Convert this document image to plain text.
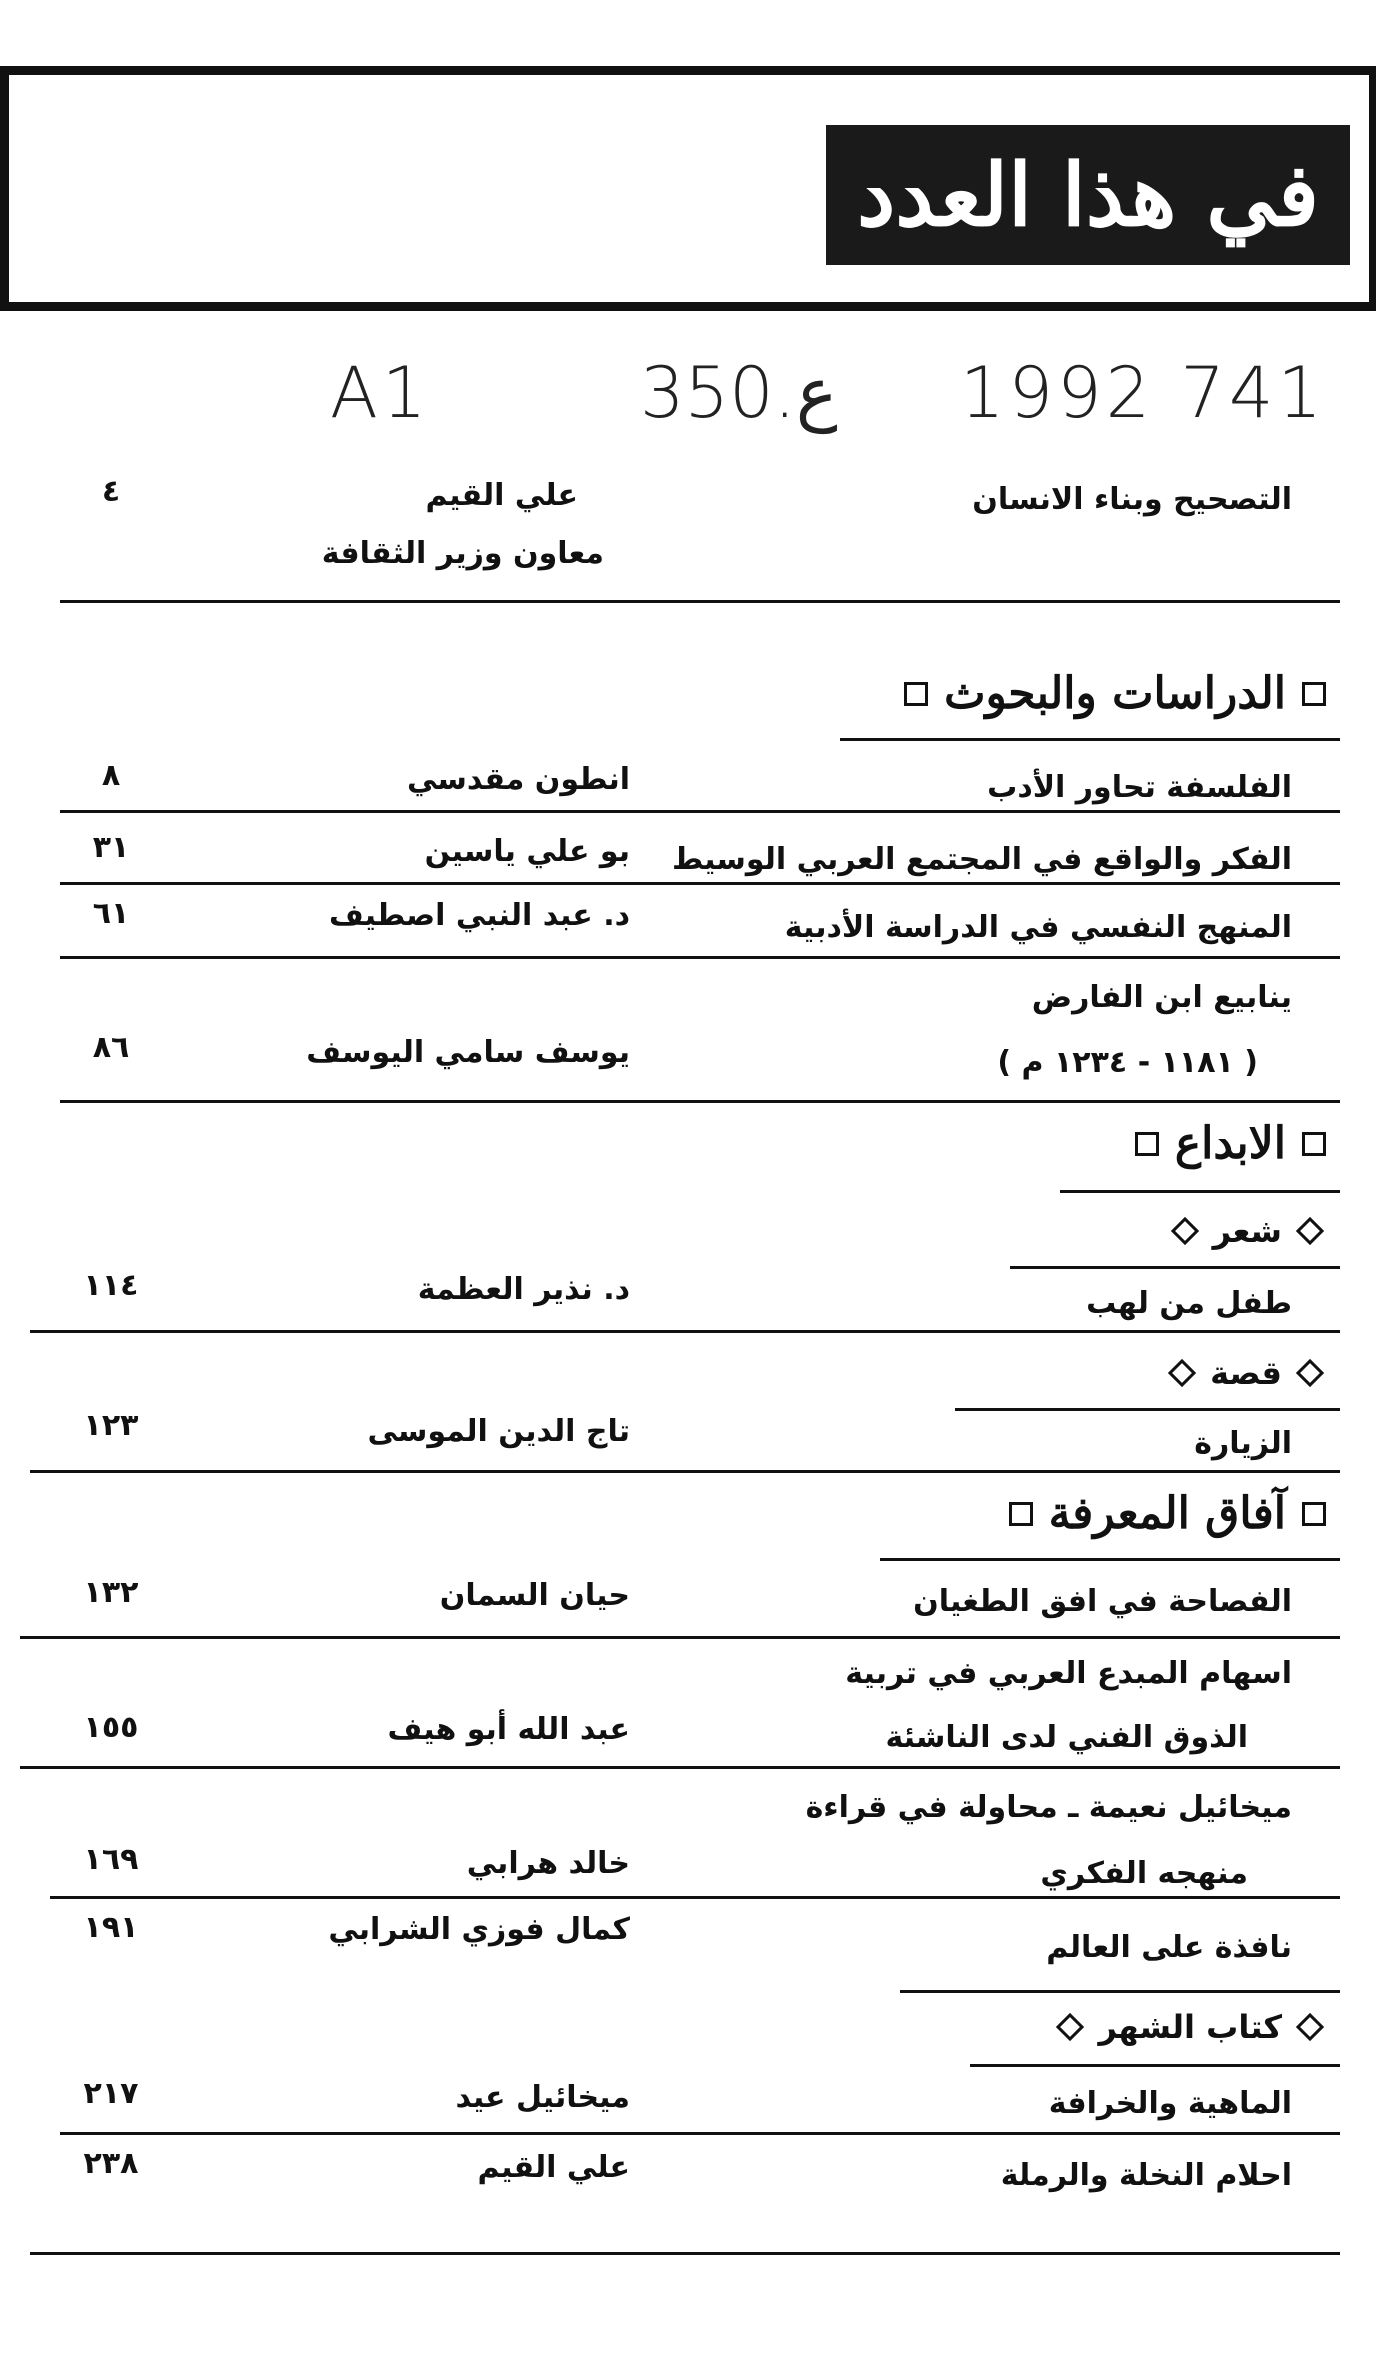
في هذا العدد
A1	350.ع 1992 741
التصحيح وبناء الانسان
علي القيم
معاون وزير الثقافة
٤
الدراسات والبحوث
الفلسفة تحاور الأدب
انطون مقدسي
٨
الفكر والواقع في المجتمع العربي الوسيط
بو علي ياسين
٣١
المنهج النفسي في الدراسة الأدبية
د. عبد النبي اصطيف
٦١
ينابيع ابن الفارض
( ١١٨١ - ١٢٣٤ م )
يوسف سامي اليوسف
٨٦
الابداع
شعر
طفل من لهب
د. نذير العظمة
١١٤
قصة
الزيارة
تاج الدين الموسى
١٢٣
آفاق المعرفة
الفصاحة في افق الطغيان
حيان السمان
١٣٢
اسهام المبدع العربي في تربية
الذوق الفني لدى الناشئة
عبد الله أبو هيف
١٥٥
ميخائيل نعيمة ـ محاولة في قراءة
منهجه الفكري
خالد هرابي
١٦٩
نافذة على العالم
كمال فوزي الشرابي
١٩١
كتاب الشهر
الماهية والخرافة
ميخائيل عيد
٢١٧
احلام النخلة والرملة
علي القيم
٢٣٨
